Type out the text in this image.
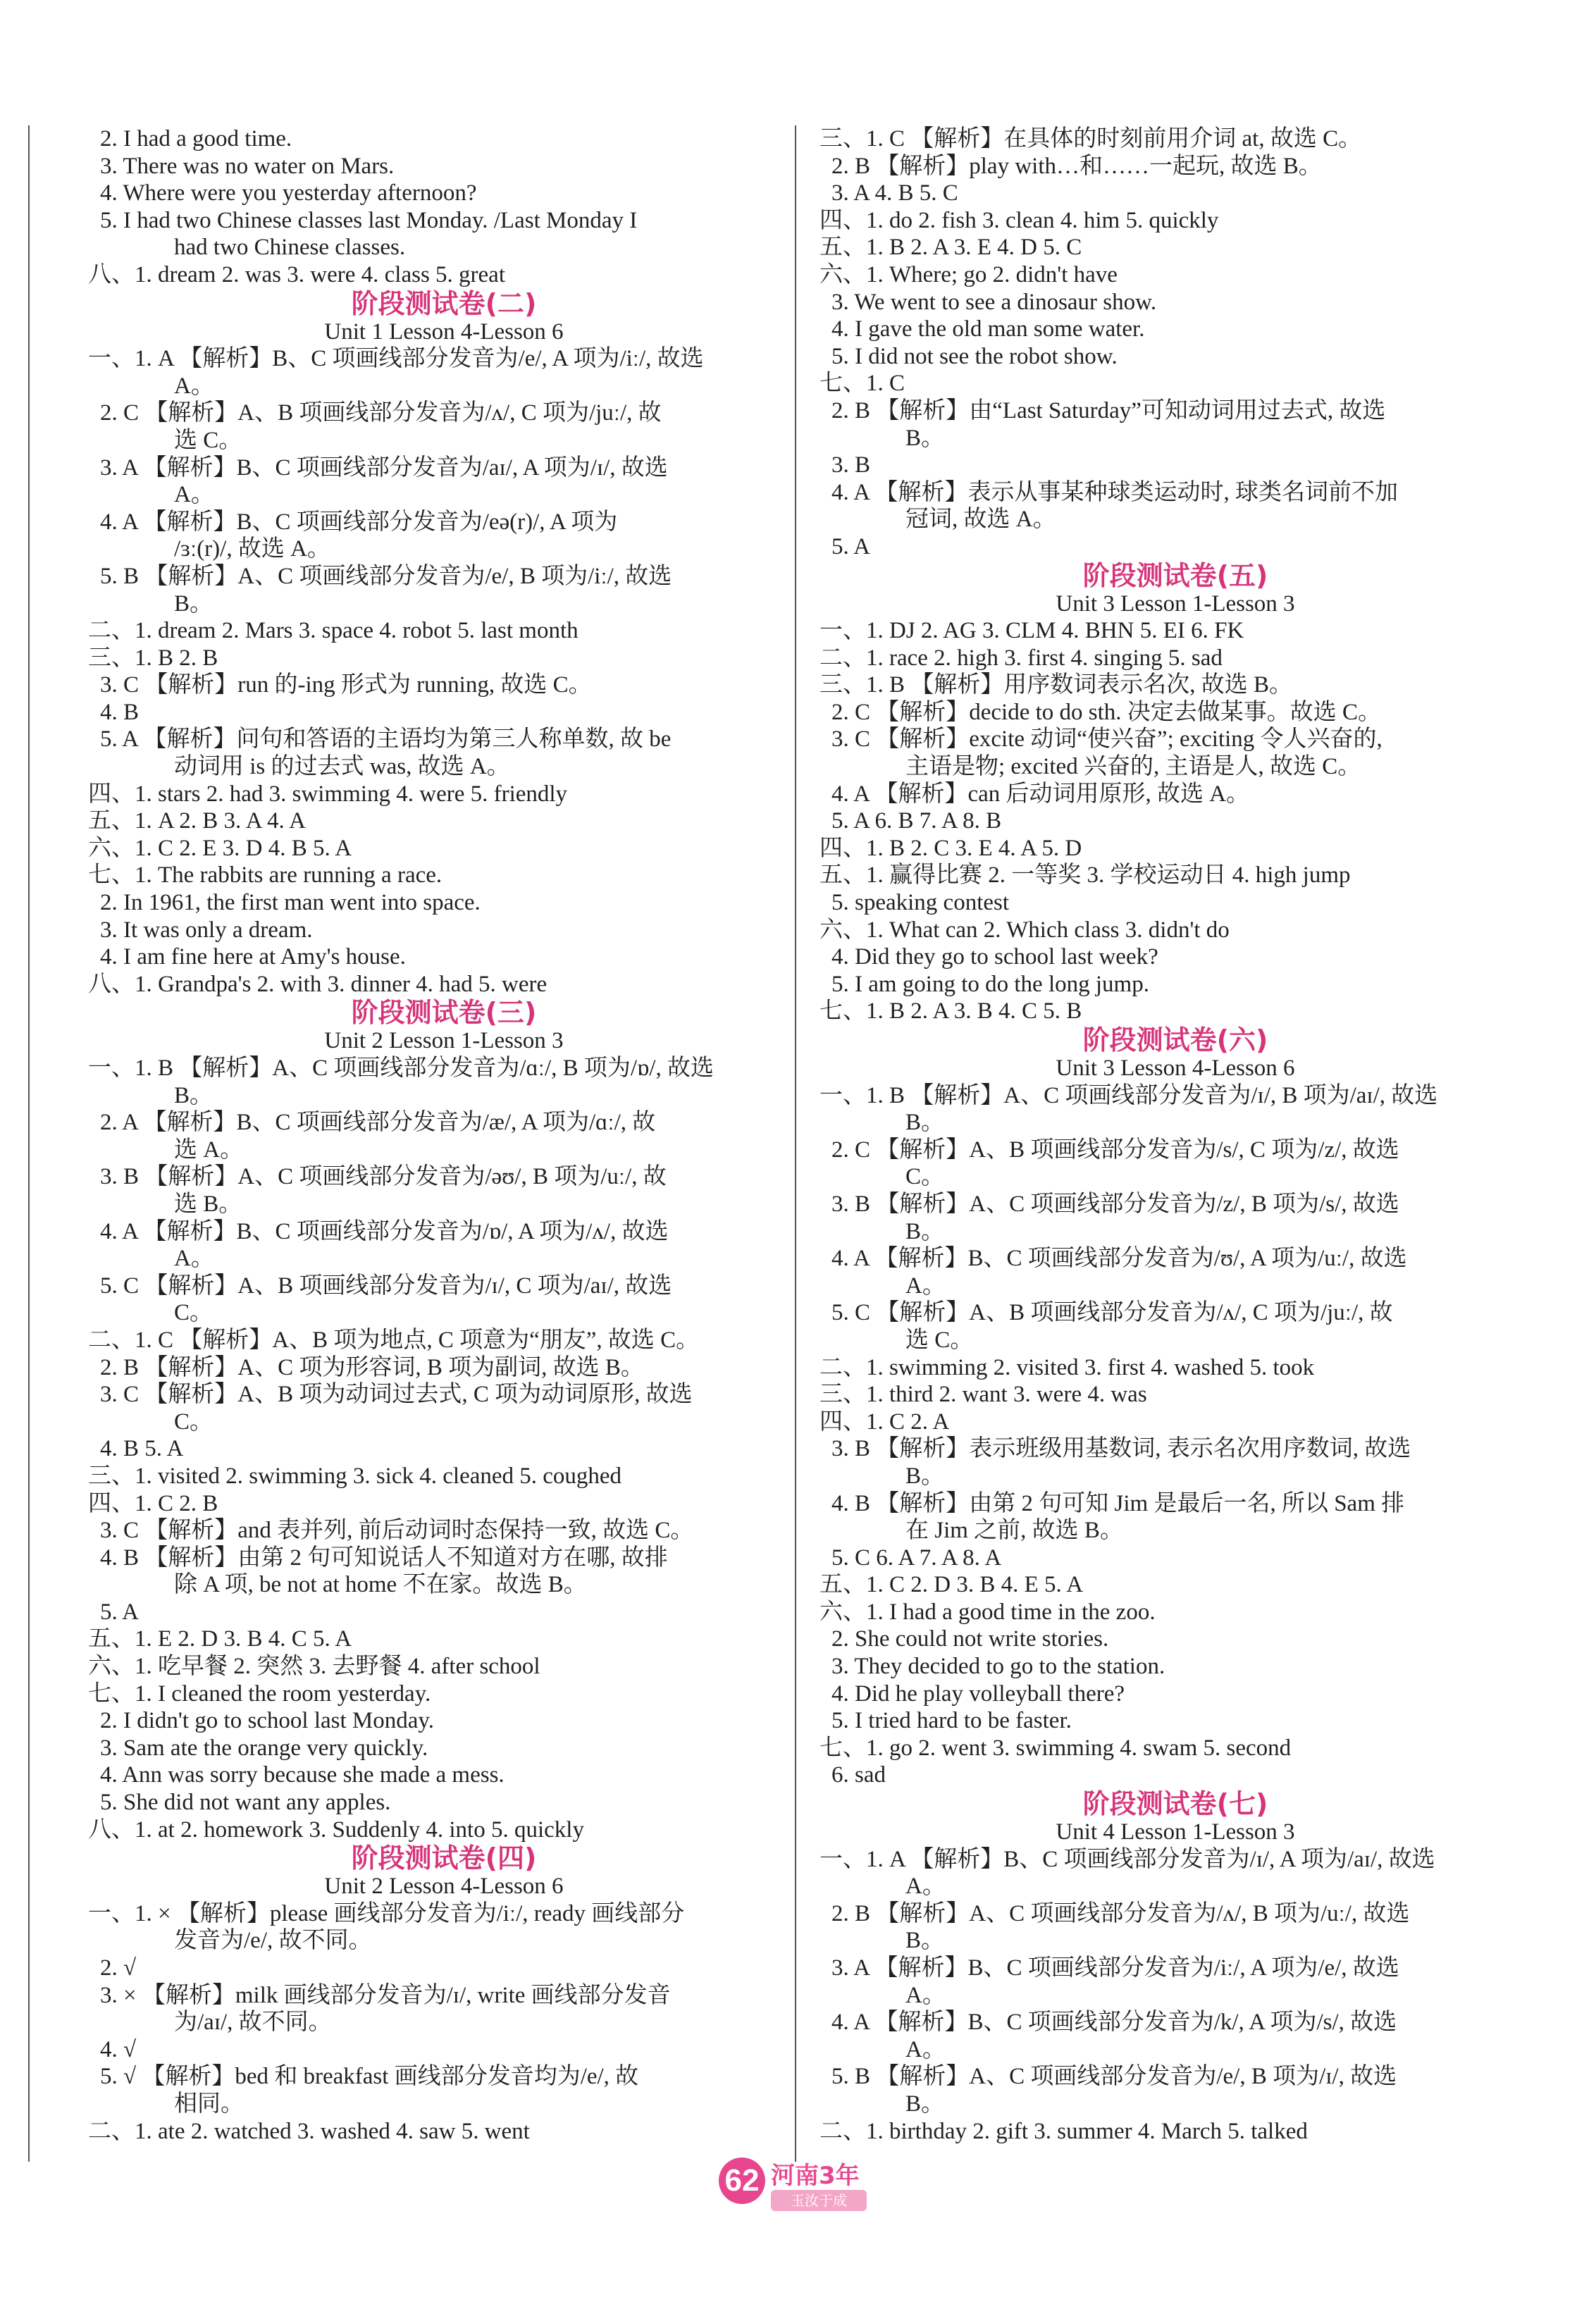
2. I had a good time.
3. There was no water on Mars.
4. Where were you yesterday afternoon?
5. I had two Chinese classes last Monday. /Last Monday I
had two Chinese classes.
八、1. dream 2. was 3. were 4. class 5. great
阶段测试卷(二)
Unit 1 Lesson 4-Lesson 6
一、1. A 【解析】B、C 项画线部分发音为/e/, A 项为/iː/, 故选
A。
2. C 【解析】A、B 项画线部分发音为/ʌ/, C 项为/juː/, 故
选 C。
3. A 【解析】B、C 项画线部分发音为/aɪ/, A 项为/ɪ/, 故选
A。
4. A 【解析】B、C 项画线部分发音为/eə(r)/, A 项为
/ɜː(r)/, 故选 A。
5. B 【解析】A、C 项画线部分发音为/e/, B 项为/iː/, 故选
B。
二、1. dream 2. Mars 3. space 4. robot 5. last month
三、1. B 2. B
3. C 【解析】run 的-ing 形式为 running, 故选 C。
4. B
5. A 【解析】问句和答语的主语均为第三人称单数, 故 be
动词用 is 的过去式 was, 故选 A。
四、1. stars 2. had 3. swimming 4. were 5. friendly
五、1. A 2. B 3. A 4. A
六、1. C 2. E 3. D 4. B 5. A
七、1. The rabbits are running a race.
2. In 1961, the first man went into space.
3. It was only a dream.
4. I am fine here at Amy's house.
八、1. Grandpa's 2. with 3. dinner 4. had 5. were
阶段测试卷(三)
Unit 2 Lesson 1-Lesson 3
一、1. B 【解析】A、C 项画线部分发音为/ɑː/, B 项为/ɒ/, 故选
B。
2. A 【解析】B、C 项画线部分发音为/æ/, A 项为/ɑː/, 故
选 A。
3. B 【解析】A、C 项画线部分发音为/əʊ/, B 项为/uː/, 故
选 B。
4. A 【解析】B、C 项画线部分发音为/ɒ/, A 项为/ʌ/, 故选
A。
5. C 【解析】A、B 项画线部分发音为/ɪ/, C 项为/aɪ/, 故选
C。
二、1. C 【解析】A、B 项为地点, C 项意为“朋友”, 故选 C。
2. B 【解析】A、C 项为形容词, B 项为副词, 故选 B。
3. C 【解析】A、B 项为动词过去式, C 项为动词原形, 故选
C。
4. B 5. A
三、1. visited 2. swimming 3. sick 4. cleaned 5. coughed
四、1. C 2. B
3. C 【解析】and 表并列, 前后动词时态保持一致, 故选 C。
4. B 【解析】由第 2 句可知说话人不知道对方在哪, 故排
除 A 项, be not at home 不在家。故选 B。
5. A
五、1. E 2. D 3. B 4. C 5. A
六、1. 吃早餐 2. 突然 3. 去野餐 4. after school
七、1. I cleaned the room yesterday.
2. I didn't go to school last Monday.
3. Sam ate the orange very quickly.
4. Ann was sorry because she made a mess.
5. She did not want any apples.
八、1. at 2. homework 3. Suddenly 4. into 5. quickly
阶段测试卷(四)
Unit 2 Lesson 4-Lesson 6
一、1. × 【解析】please 画线部分发音为/iː/, ready 画线部分
发音为/e/, 故不同。
2. √
3. × 【解析】milk 画线部分发音为/ɪ/, write 画线部分发音
为/aɪ/, 故不同。
4. √
5. √ 【解析】bed 和 breakfast 画线部分发音均为/e/, 故
相同。
二、1. ate 2. watched 3. washed 4. saw 5. went
三、1. C 【解析】在具体的时刻前用介词 at, 故选 C。
2. B 【解析】play with…和……一起玩, 故选 B。
3. A 4. B 5. C
四、1. do 2. fish 3. clean 4. him 5. quickly
五、1. B 2. A 3. E 4. D 5. C
六、1. Where; go 2. didn't have
3. We went to see a dinosaur show.
4. I gave the old man some water.
5. I did not see the robot show.
七、1. C
2. B 【解析】由“Last Saturday”可知动词用过去式, 故选
B。
3. B
4. A 【解析】表示从事某种球类运动时, 球类名词前不加
冠词, 故选 A。
5. A
阶段测试卷(五)
Unit 3 Lesson 1-Lesson 3
一、1. DJ 2. AG 3. CLM 4. BHN 5. EI 6. FK
二、1. race 2. high 3. first 4. singing 5. sad
三、1. B 【解析】用序数词表示名次, 故选 B。
2. C 【解析】decide to do sth. 决定去做某事。故选 C。
3. C 【解析】excite 动词“使兴奋”; exciting 令人兴奋的,
主语是物; excited 兴奋的, 主语是人, 故选 C。
4. A 【解析】can 后动词用原形, 故选 A。
5. A 6. B 7. A 8. B
四、1. B 2. C 3. E 4. A 5. D
五、1. 赢得比赛 2. 一等奖 3. 学校运动日 4. high jump
5. speaking contest
六、1. What can 2. Which class 3. didn't do
4. Did they go to school last week?
5. I am going to do the long jump.
七、1. B 2. A 3. B 4. C 5. B
阶段测试卷(六)
Unit 3 Lesson 4-Lesson 6
一、1. B 【解析】A、C 项画线部分发音为/ɪ/, B 项为/aɪ/, 故选
B。
2. C 【解析】A、B 项画线部分发音为/s/, C 项为/z/, 故选
C。
3. B 【解析】A、C 项画线部分发音为/z/, B 项为/s/, 故选
B。
4. A 【解析】B、C 项画线部分发音为/ʊ/, A 项为/uː/, 故选
A。
5. C 【解析】A、B 项画线部分发音为/ʌ/, C 项为/juː/, 故
选 C。
二、1. swimming 2. visited 3. first 4. washed 5. took
三、1. third 2. want 3. were 4. was
四、1. C 2. A
3. B 【解析】表示班级用基数词, 表示名次用序数词, 故选
B。
4. B 【解析】由第 2 句可知 Jim 是最后一名, 所以 Sam 排
在 Jim 之前, 故选 B。
5. C 6. A 7. A 8. A
五、1. C 2. D 3. B 4. E 5. A
六、1. I had a good time in the zoo.
2. She could not write stories.
3. They decided to go to the station.
4. Did he play volleyball there?
5. I tried hard to be faster.
七、1. go 2. went 3. swimming 4. swam 5. second
6. sad
阶段测试卷(七)
Unit 4 Lesson 1-Lesson 3
一、1. A 【解析】B、C 项画线部分发音为/ɪ/, A 项为/aɪ/, 故选
A。
2. B 【解析】A、C 项画线部分发音为/ʌ/, B 项为/uː/, 故选
B。
3. A 【解析】B、C 项画线部分发音为/iː/, A 项为/e/, 故选
A。
4. A 【解析】B、C 项画线部分发音为/k/, A 项为/s/, 故选
A。
5. B 【解析】A、C 项画线部分发音为/e/, B 项为/ɪ/, 故选
B。
二、1. birthday 2. gift 3. summer 4. March 5. talked
62 河南3年
玉汝于成
